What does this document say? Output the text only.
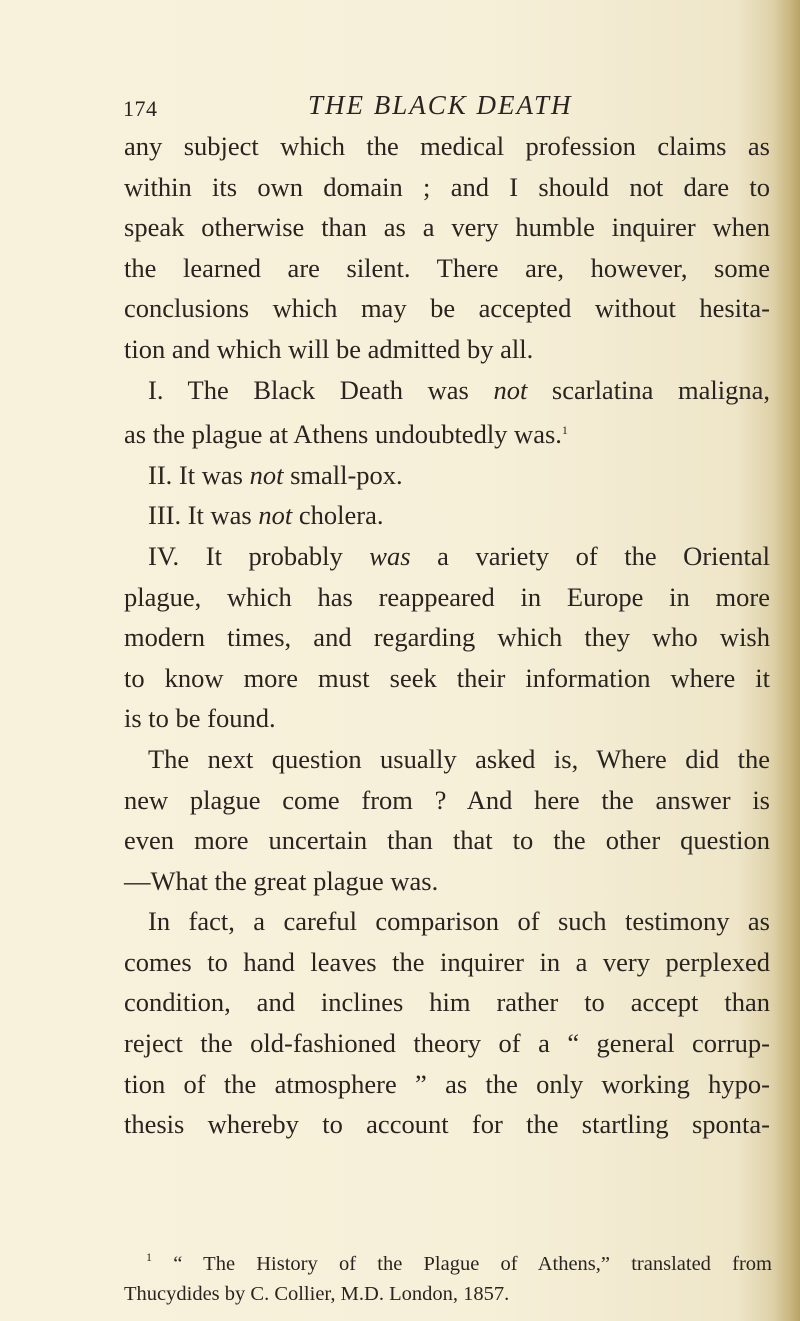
174	THE BLACK DEATH
any subject which the medical profession claims as
within its own domain ; and I should not dare to
speak otherwise than as a very humble inquirer when
the learned are silent. There are, however, some
conclusions which may be accepted without hesita-
tion and which will be admitted by all.
I. The Black Death was not scarlatina maligna,
as the plague at Athens undoubtedly was.$^1$
II. It was not small-pox.
III. It was not cholera.
IV. It probably was a variety of the Oriental
plague, which has reappeared in Europe in more
modern times, and regarding which they who wish
to know more must seek their information where it
is to be found.
The next question usually asked is, Where did the
new plague come from ? And here the answer is
even more uncertain than that to the other question
—What the great plague was.
In fact, a careful comparison of such testimony as
comes to hand leaves the inquirer in a very perplexed
condition, and inclines him rather to accept than
reject the old-fashioned theory of a “ general corrup-
tion of the atmosphere ” as the only working hypo-
thesis whereby to account for the startling sponta-
$^1$ “ The History of the Plague of Athens,” translated from
Thucydides by C. Collier, M.D. London, 1857.
